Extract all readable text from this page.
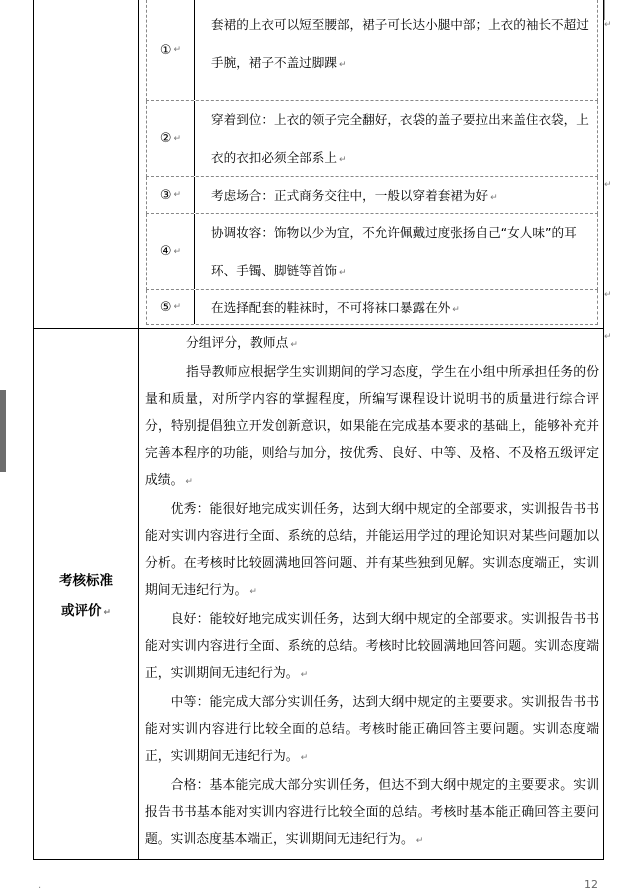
① ↵
套裙的上衣可以短至腰部，裙子可长达小腿中部；上衣的袖长不超过手腕，裙子不盖过脚踝 ↵
② ↵
穿着到位：上衣的领子完全翻好，衣袋的盖子要拉出来盖住衣袋，上衣的衣扣必须全部系上 ↵
③ ↵	考虑场合：正式商务交往中，一般以穿着套裙为好 ↵
④ ↵
协调妆容：饰物以少为宜，不允许佩戴过度张扬自己“女人味”的耳环、手镯、脚链等首饰 ↵
⑤ ↵	在选择配套的鞋袜时，不可将袜口暴露在外 ↵
↵
↵
↵
↵
考核标准
或评价 ↵

分组评分，教师点 ↵

指导教师应根据学生实训期间的学习态度，学生在小组中所承担任务的份量和质量，对所学内容的掌握程度，所编写课程设计说明书的质量进行综合评分，特别提倡独立开发创新意识，如果能在完成基本要求的基础上，能够补充并完善本程序的功能，则给与加分，按优秀、良好、中等、及格、不及格五级评定成绩。 ↵

优秀：能很好地完成实训任务，达到大纲中规定的全部要求，实训报告书书能对实训内容进行全面、系统的总结，并能运用学过的理论知识对某些问题加以分析。在考核时比较圆满地回答问题、并有某些独到见解。实训态度端正，实训期间无违纪行为。 ↵

良好：能较好地完成实训任务，达到大纲中规定的全部要求。实训报告书书能对实训内容进行全面、系统的总结。考核时比较圆满地回答问题。实训态度端正，实训期间无违纪行为。 ↵

中等：能完成大部分实训任务，达到大纲中规定的主要要求。实训报告书书能对实训内容进行比较全面的总结。考核时能正确回答主要问题。实训态度端正，实训期间无违纪行为。 ↵

合格：基本能完成大部分实训任务，但达不到大纲中规定的主要要求。实训报告书书基本能对实训内容进行比较全面的总结。考核时基本能正确回答主要问题。实训态度基本端正，实训期间无违纪行为。 ↵

·	12
